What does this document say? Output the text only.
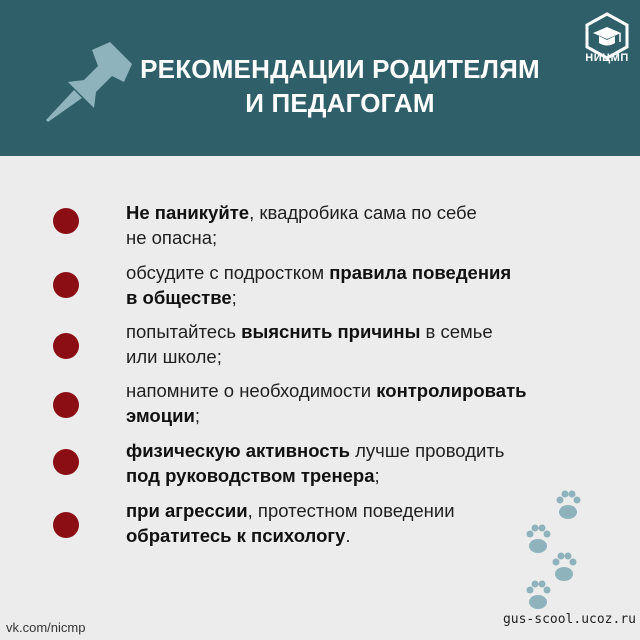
РЕКОМЕНДАЦИИ РОДИТЕЛЯМ
И ПЕДАГОГАМ
НИЦМП
Не паникуйте, квадробика сама по себе
не опасна;
обсудите с подростком правила поведения
в обществе;
попытайтесь выяснить причины в семье
или школе;
напомните о необходимости контролировать
эмоции;
физическую активность лучше проводить
под руководством тренера;
при агрессии, протестном поведении
обратитесь к психологу.
vk.com/nicmp
gus-scool.ucoz.ru
